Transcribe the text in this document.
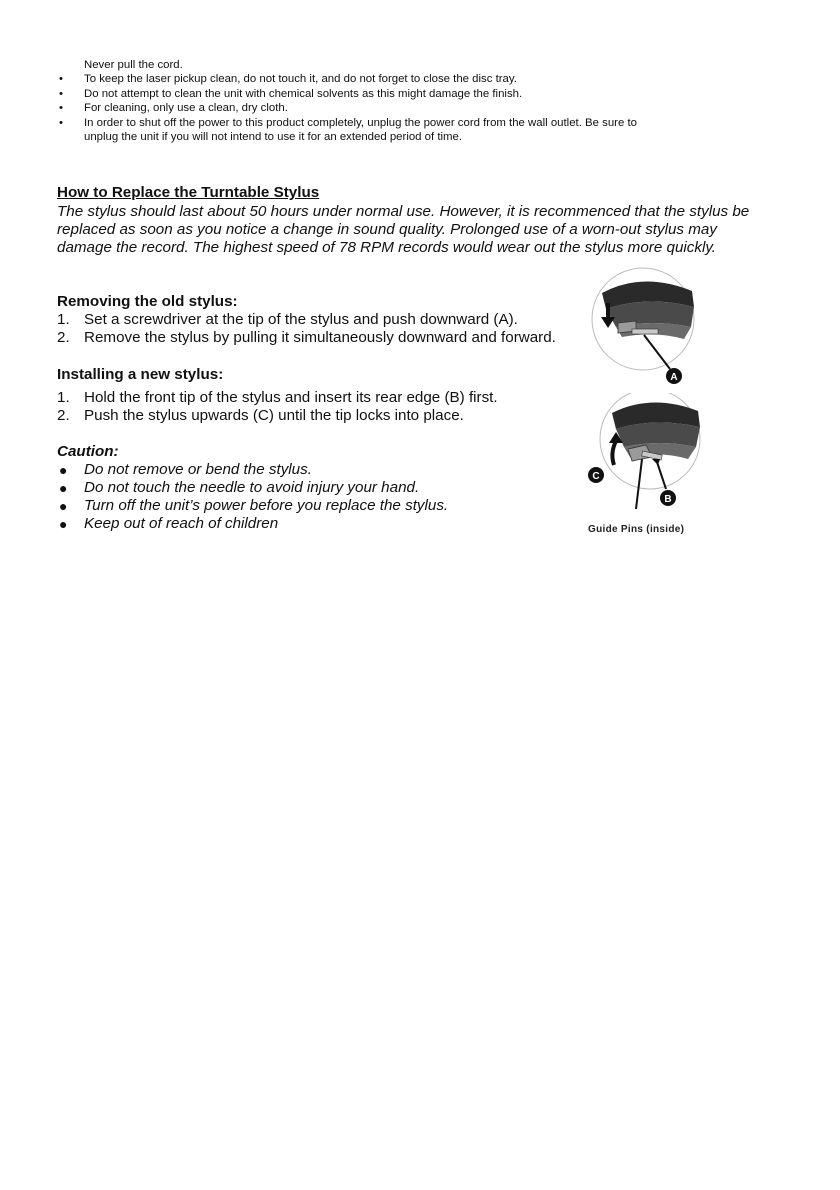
Never pull the cord.
• To keep the laser pickup clean, do not touch it, and do not forget to close the disc tray.
• Do not attempt to clean the unit with chemical solvents as this might damage the finish.
• For cleaning, only use a clean, dry cloth.
• In order to shut off the power to this product completely, unplug the power cord from the wall outlet. Be sure to unplug the unit if you will not intend to use it for an extended period of time.
How to Replace the Turntable Stylus

The stylus should last about 50 hours under normal use. However, it is recommenced that the stylus be replaced as soon as you notice a change in sound quality. Prolonged use of a worn-out stylus may damage the record. The highest speed of 78 RPM records would wear out the stylus more quickly.

Removing the old stylus:
1. Set a screwdriver at the tip of the stylus and push downward (A).
2. Remove the stylus by pulling it simultaneously downward and forward.
Installing a new stylus:
1. Hold the front tip of the stylus and insert its rear edge (B) first.
2. Push the stylus upwards (C) until the tip locks into place.
Caution:
● Do not remove or bend the stylus.
● Do not touch the needle to avoid injury your hand.
● Turn off the unit’s power before you replace the stylus.
● Keep out of reach of children
A
C
B

Guide Pins (inside)
